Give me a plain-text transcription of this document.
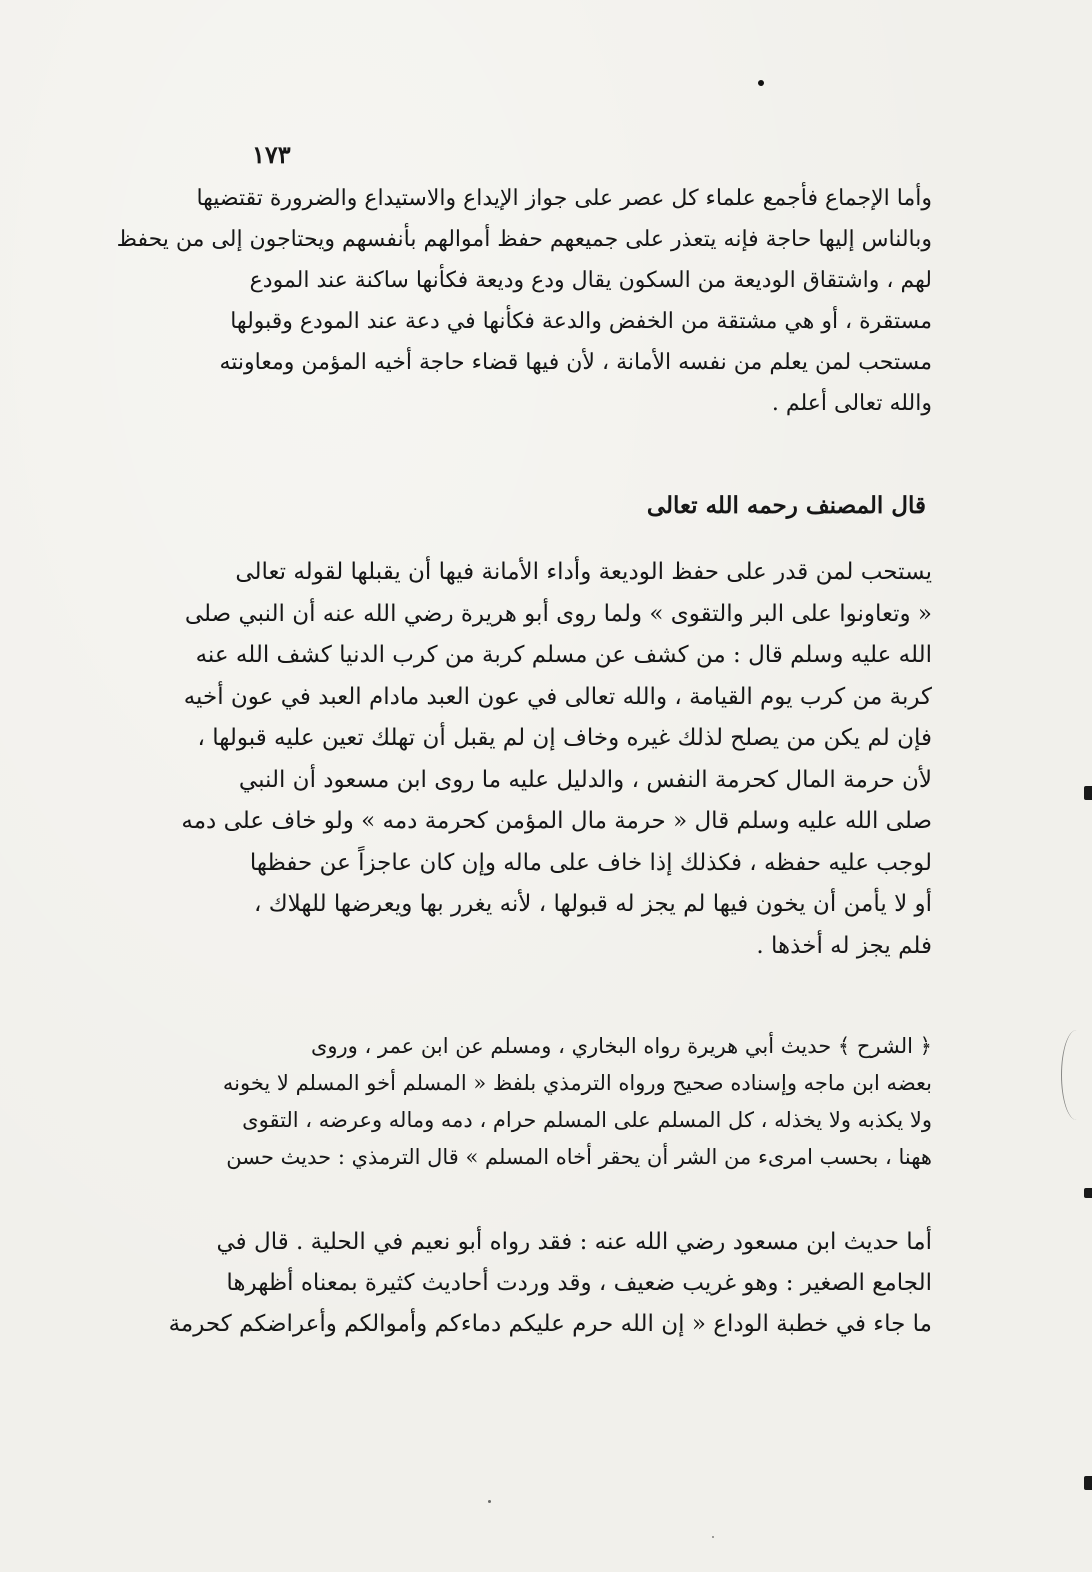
١٧٣
وأما الإجماع فأجمع علماء كل عصر على جواز الإيداع والاستيداع والضرورة تقتضيها
وبالناس إليها حاجة فإنه يتعذر على جميعهم حفظ أموالهم بأنفسهم ويحتاجون إلى من يحفظ
لهم ، واشتقاق الوديعة من السكون يقال ودع وديعة فكأنها ساكنة عند المودع
مستقرة ، أو هي مشتقة من الخفض والدعة فكأنها في دعة عند المودع وقبولها
مستحب لمن يعلم من نفسه الأمانة ، لأن فيها قضاء حاجة أخيه المؤمن ومعاونته
والله تعالى أعلم .
قال المصنف رحمه الله تعالى
يستحب لمن قدر على حفظ الوديعة وأداء الأمانة فيها أن يقبلها لقوله تعالى
« وتعاونوا على البر والتقوى » ولما روى أبو هريرة رضي الله عنه أن النبي صلى
الله عليه وسلم قال : من كشف عن مسلم كربة من كرب الدنيا كشف الله عنه
كربة من كرب يوم القيامة ، والله تعالى في عون العبد مادام العبد في عون أخيه
فإن لم يكن من يصلح لذلك غيره وخاف إن لم يقبل أن تهلك تعين عليه قبولها ،
لأن حرمة المال كحرمة النفس ، والدليل عليه ما روى ابن مسعود أن النبي
صلى الله عليه وسلم قال « حرمة مال المؤمن كحرمة دمه » ولو خاف على دمه
لوجب عليه حفظه ، فكذلك إذا خاف على ماله وإن كان عاجزاً عن حفظها
أو لا يأمن أن يخون فيها لم يجز له قبولها ، لأنه يغرر بها ويعرضها للهلاك ،
فلم يجز له أخذها .
﴿ الشرح ﴾ حديث أبي هريرة رواه البخاري ، ومسلم عن ابن عمر ، وروى
بعضه ابن ماجه وإسناده صحيح ورواه الترمذي بلفظ « المسلم أخو المسلم لا يخونه
ولا يكذبه ولا يخذله ، كل المسلم على المسلم حرام ، دمه وماله وعرضه ، التقوى
ههنا ، بحسب امرىء من الشر أن يحقر أخاه المسلم » قال الترمذي : حديث حسن
أما حديث ابن مسعود رضي الله عنه : فقد رواه أبو نعيم في الحلية . قال في
الجامع الصغير : وهو غريب ضعيف ، وقد وردت أحاديث كثيرة بمعناه أظهرها
ما جاء في خطبة الوداع « إن الله حرم عليكم دماءكم وأموالكم وأعراضكم كحرمة
